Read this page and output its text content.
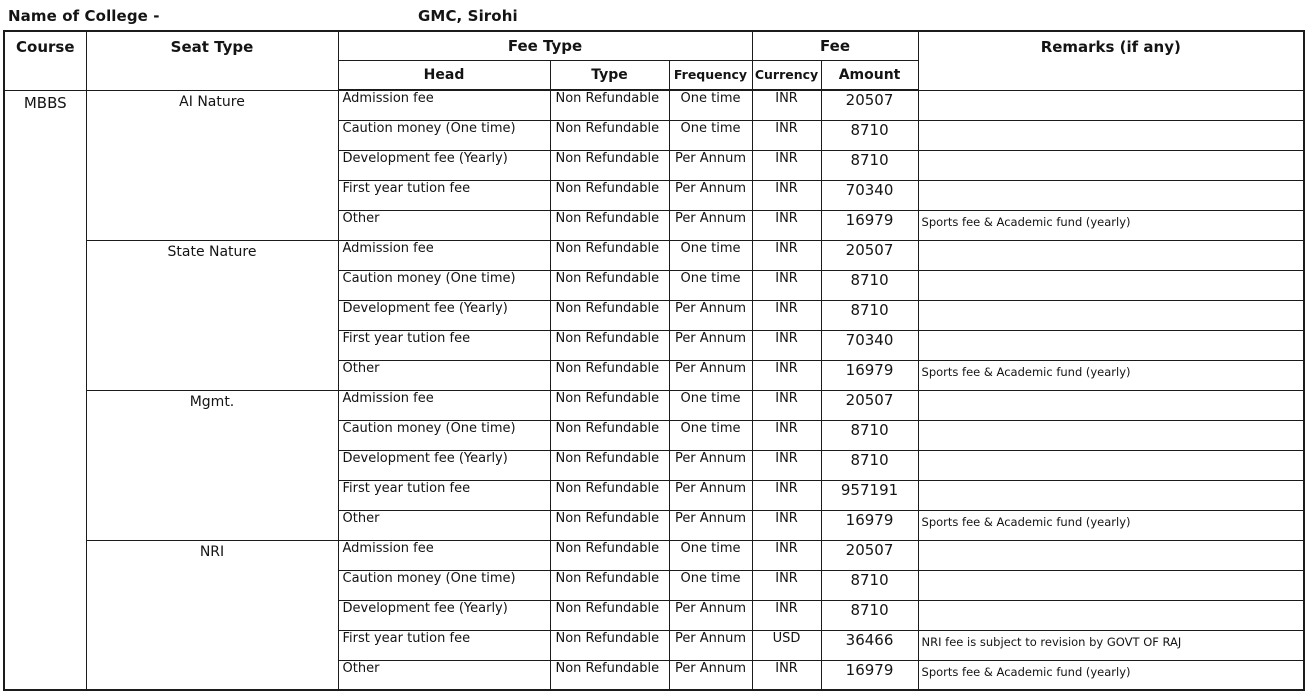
Name of College -	GMC, Sirohi
Course	Seat Type	Fee Type			Fee		Remarks (if any)
		Head	Type	Frequency	Currency	Amount	
MBBS	AI Nature	Admission fee	Non Refundable	One time	INR	20507	
		Caution money (One time)	Non Refundable	One time	INR	8710	
		Development fee (Yearly)	Non Refundable	Per Annum	INR	8710	
		First year tution fee	Non Refundable	Per Annum	INR	70340	
		Other	Non Refundable	Per Annum	INR	16979	Sports fee & Academic fund (yearly)
	State Nature	Admission fee	Non Refundable	One time	INR	20507	
		Caution money (One time)	Non Refundable	One time	INR	8710	
		Development fee (Yearly)	Non Refundable	Per Annum	INR	8710	
		First year tution fee	Non Refundable	Per Annum	INR	70340	
		Other	Non Refundable	Per Annum	INR	16979	Sports fee & Academic fund (yearly)
	Mgmt.	Admission fee	Non Refundable	One time	INR	20507	
		Caution money (One time)	Non Refundable	One time	INR	8710	
		Development fee (Yearly)	Non Refundable	Per Annum	INR	8710	
		First year tution fee	Non Refundable	Per Annum	INR	957191	
		Other	Non Refundable	Per Annum	INR	16979	Sports fee & Academic fund (yearly)
	NRI	Admission fee	Non Refundable	One time	INR	20507	
		Caution money (One time)	Non Refundable	One time	INR	8710	
		Development fee (Yearly)	Non Refundable	Per Annum	INR	8710	
		First year tution fee	Non Refundable	Per Annum	USD	36466	NRI fee is subject to revision by GOVT OF RAJ
		Other	Non Refundable	Per Annum	INR	16979	Sports fee & Academic fund (yearly)
